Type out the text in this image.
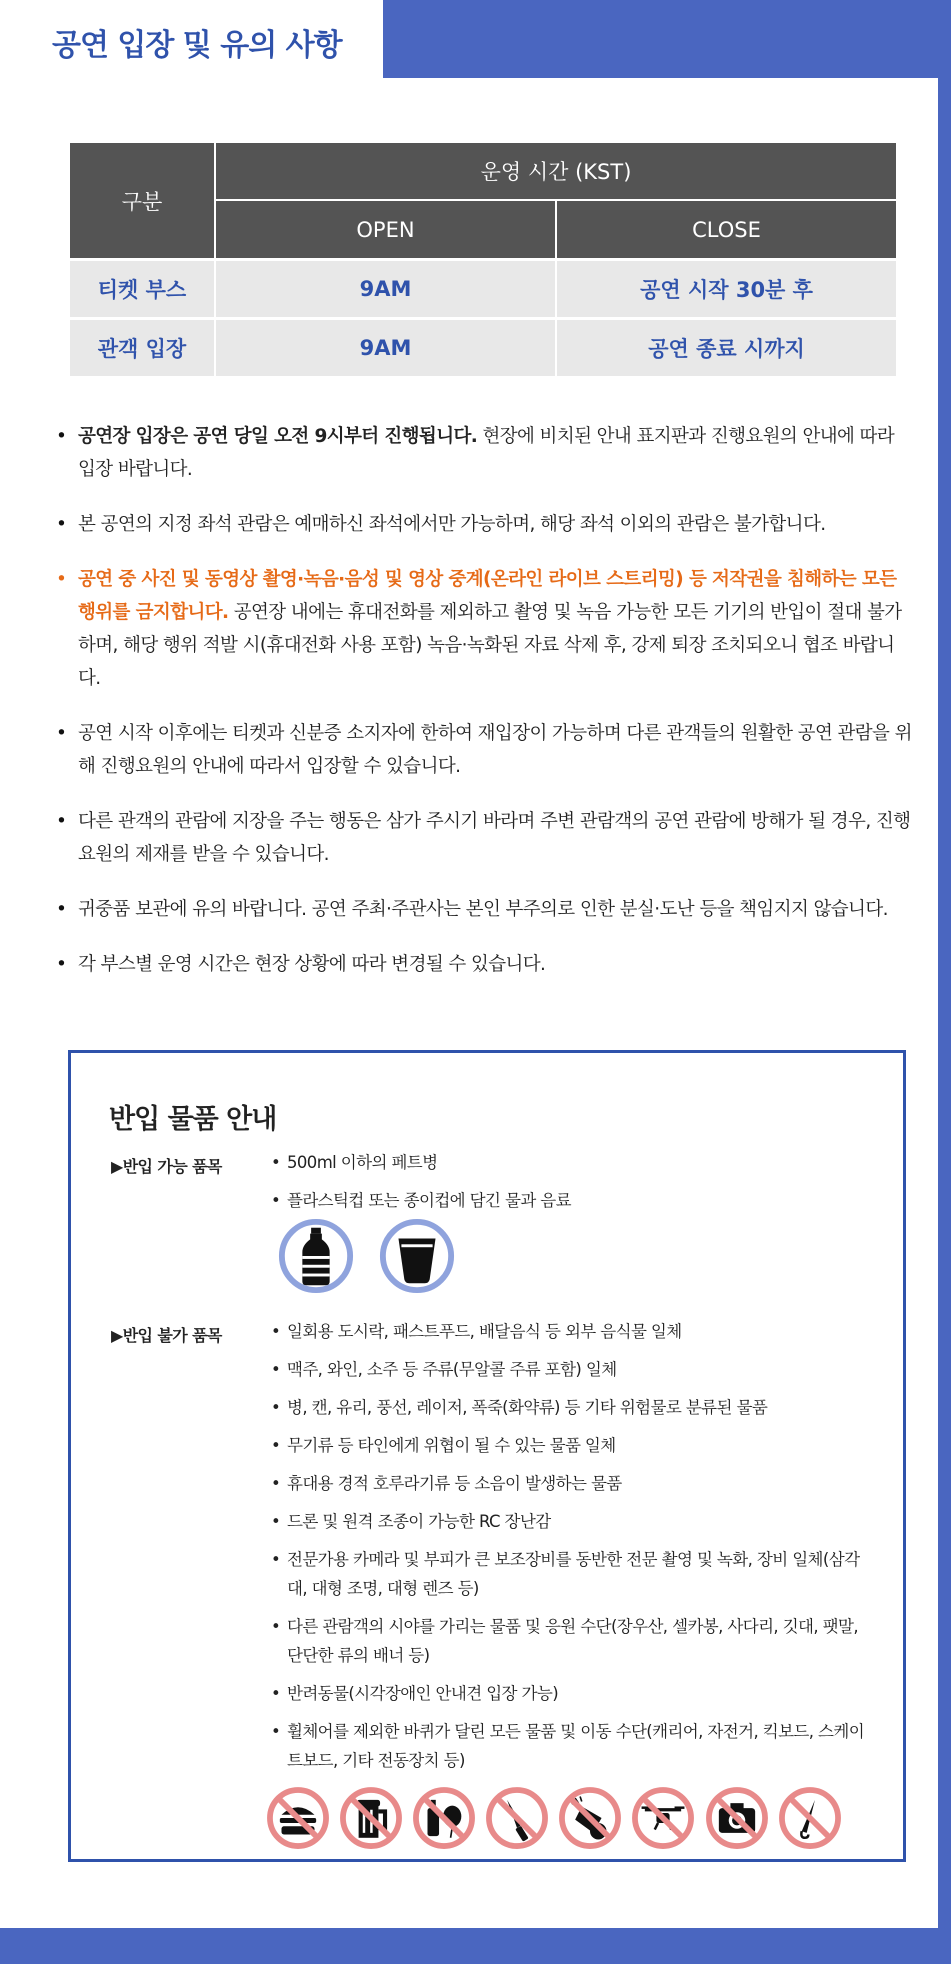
공연 입장 및 유의 사항
구분	운영 시간 (KST)	
	OPEN	CLOSE
티켓 부스	9AM	공연 시작 30분 후
관객 입장	9AM	공연 종료 시까지
• 공연장 입장은 공연 당일 오전 9시부터 진행됩니다. 현장에 비치된 안내 표지판과 진행요원의 안내에 따라 입장 바랍니다.
• 본 공연의 지정 좌석 관람은 예매하신 좌석에서만 가능하며, 해당 좌석 이외의 관람은 불가합니다.
• 공연 중 사진 및 동영상 촬영·녹음·음성 및 영상 중계(온라인 라이브 스트리밍) 등 저작권을 침해하는 모든 행위를 금지합니다. 공연장 내에는 휴대전화를 제외하고 촬영 및 녹음 가능한 모든 기기의 반입이 절대 불가하며, 해당 행위 적발 시(휴대전화 사용 포함) 녹음·녹화된 자료 삭제 후, 강제 퇴장 조치되오니 협조 바랍니다.
• 공연 시작 이후에는 티켓과 신분증 소지자에 한하여 재입장이 가능하며 다른 관객들의 원활한 공연 관람을 위해 진행요원의 안내에 따라서 입장할 수 있습니다.
• 다른 관객의 관람에 지장을 주는 행동은 삼가 주시기 바라며 주변 관람객의 공연 관람에 방해가 될 경우, 진행 요원의 제재를 받을 수 있습니다.
• 귀중품 보관에 유의 바랍니다. 공연 주최·주관사는 본인 부주의로 인한 분실·도난 등을 책임지지 않습니다.
• 각 부스별 운영 시간은 현장 상황에 따라 변경될 수 있습니다.
반입 물품 안내
▶반입 가능 품목	• 500ml 이하의 페트병
• 플라스틱컵 또는 종이컵에 담긴 물과 음료

▶반입 불가 품목	• 일회용 도시락, 패스트푸드, 배달음식 등 외부 음식물 일체
• 맥주, 와인, 소주 등 주류(무알콜 주류 포함) 일체
• 병, 캔, 유리, 풍선, 레이저, 폭죽(화약류) 등 기타 위험물로 분류된 물품
• 무기류 등 타인에게 위협이 될 수 있는 물품 일체
• 휴대용 경적 호루라기류 등 소음이 발생하는 물품
• 드론 및 원격 조종이 가능한 RC 장난감
• 전문가용 카메라 및 부피가 큰 보조장비를 동반한 전문 촬영 및 녹화, 장비 일체(삼각대, 대형 조명, 대형 렌즈 등)
• 다른 관람객의 시야를 가리는 물품 및 응원 수단(장우산, 셀카봉, 사다리, 깃대, 팻말, 단단한 류의 배너 등)
• 반려동물(시각장애인 안내견 입장 가능)
• 휠체어를 제외한 바퀴가 달린 모든 물품 및 이동 수단(캐리어, 자전거, 킥보드, 스케이트보드, 기타 전동장치 등)
